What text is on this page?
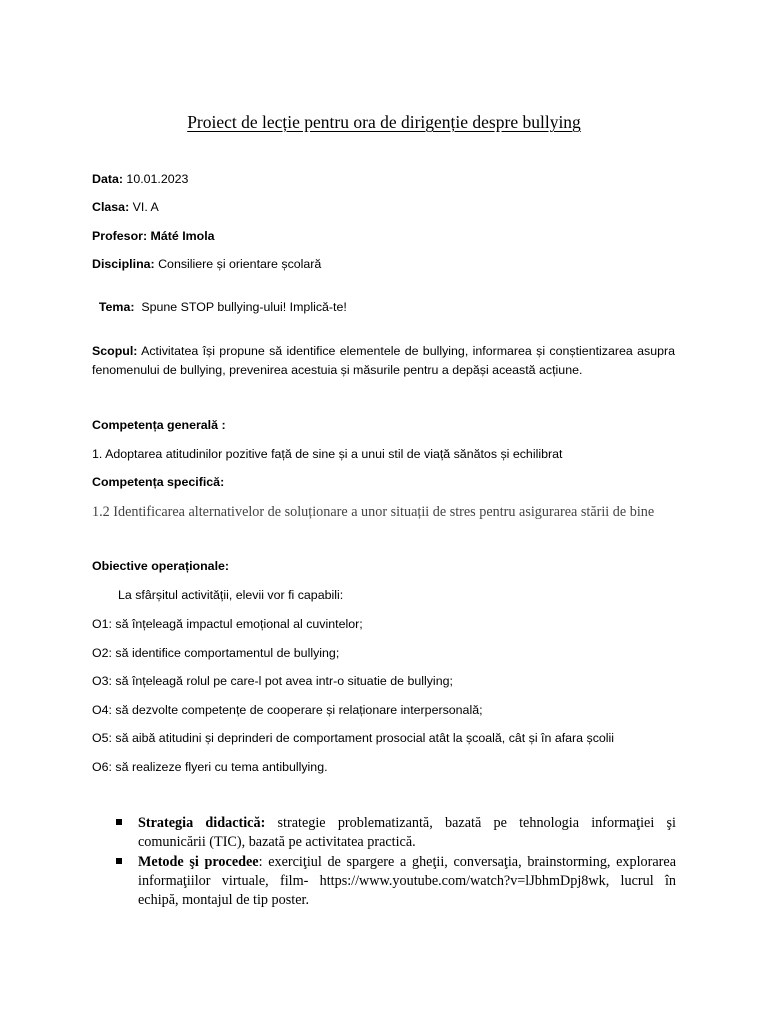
Proiect de lecție pentru ora de dirigenție despre bullying
Data: 10.01.2023
Clasa: VI. A
Profesor: Máté Imola
Disciplina: Consiliere și orientare școlară

Tema:  Spune STOP bullying-ului! Implică-te!

Scopul: Activitatea își propune să identifice elementele de bullying, informarea și conștientizarea asupra fenomenului de bullying, prevenirea acestuia și măsurile pentru a depăși această acțiune.
Competența generală :
1. Adoptarea atitudinilor pozitive față de sine și a unui stil de viață sănătos și echilibrat
Competența specifică:
1.2 Identificarea alternativelor de soluționare a unor situații de stres pentru asigurarea stării de bine
Obiective operaționale:
La sfârșitul activității, elevii vor fi capabili:
O1: să înțeleagă impactul emoțional al cuvintelor;
O2: să identifice comportamentul de bullying;
O3: să înțeleagă rolul pe care-l pot avea intr-o situatie de bullying;
O4: să dezvolte competențe de cooperare și relaționare interpersonală;
O5: să aibă atitudini și deprinderi de comportament prosocial atât la școală, cât și în afara școlii
O6: să realizeze flyeri cu tema antibullying.
Strategia didactică: strategie problematizantă, bazată pe tehnologia informaţiei şi comunicării (TIC), bazată pe activitatea practică.
Metode şi procedee: exerciţiul de spargere a gheţii, conversaţia, brainstorming, explorarea informaţiilor virtuale, film- https://www.youtube.com/watch?v=lJbhmDpj8wk, lucrul în echipă, montajul de tip poster.
